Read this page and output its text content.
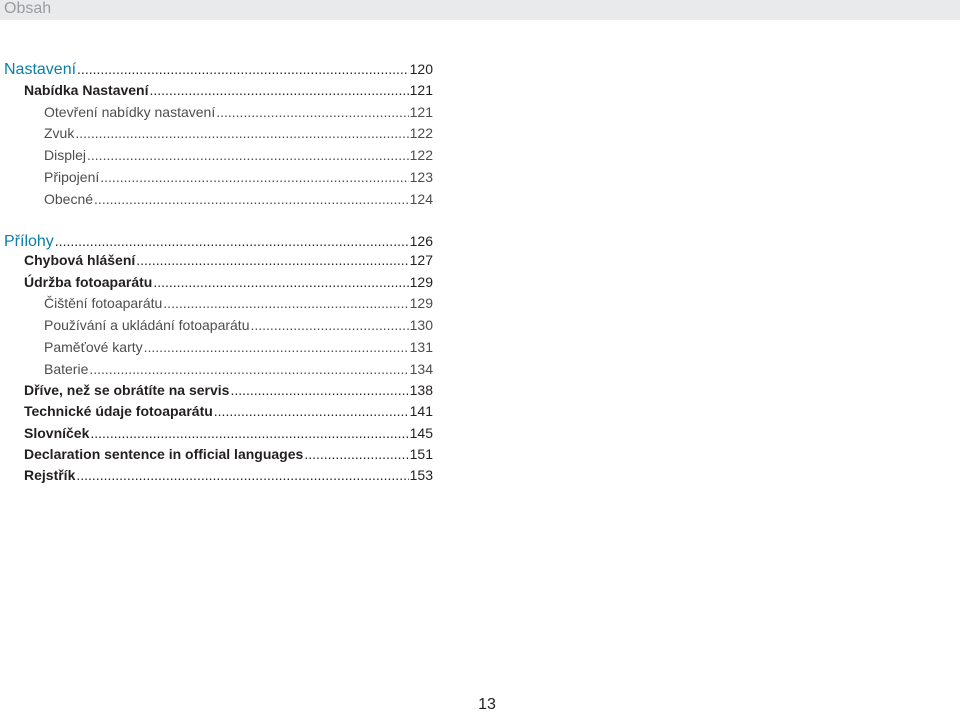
Obsah
Nastavení .....	120
Nabídka Nastavení .....	121
Otevření nabídky nastavení .....	121
Zvuk .....	122
Displej .....	122
Připojení .....	123
Obecné .....	124
Přílohy .....	126
Chybová hlášení .....	127
Údržba fotoaparátu .....	129
Čištění fotoaparátu .....	129
Používání a ukládání fotoaparátu .....	130
Paměťové karty .....	131
Baterie .....	134
Dříve, než se obrátíte na servis .....	138
Technické údaje fotoaparátu .....	141
Slovníček .....	145
Declaration sentence in official languages .....	151
Rejstřík .....	153
13
